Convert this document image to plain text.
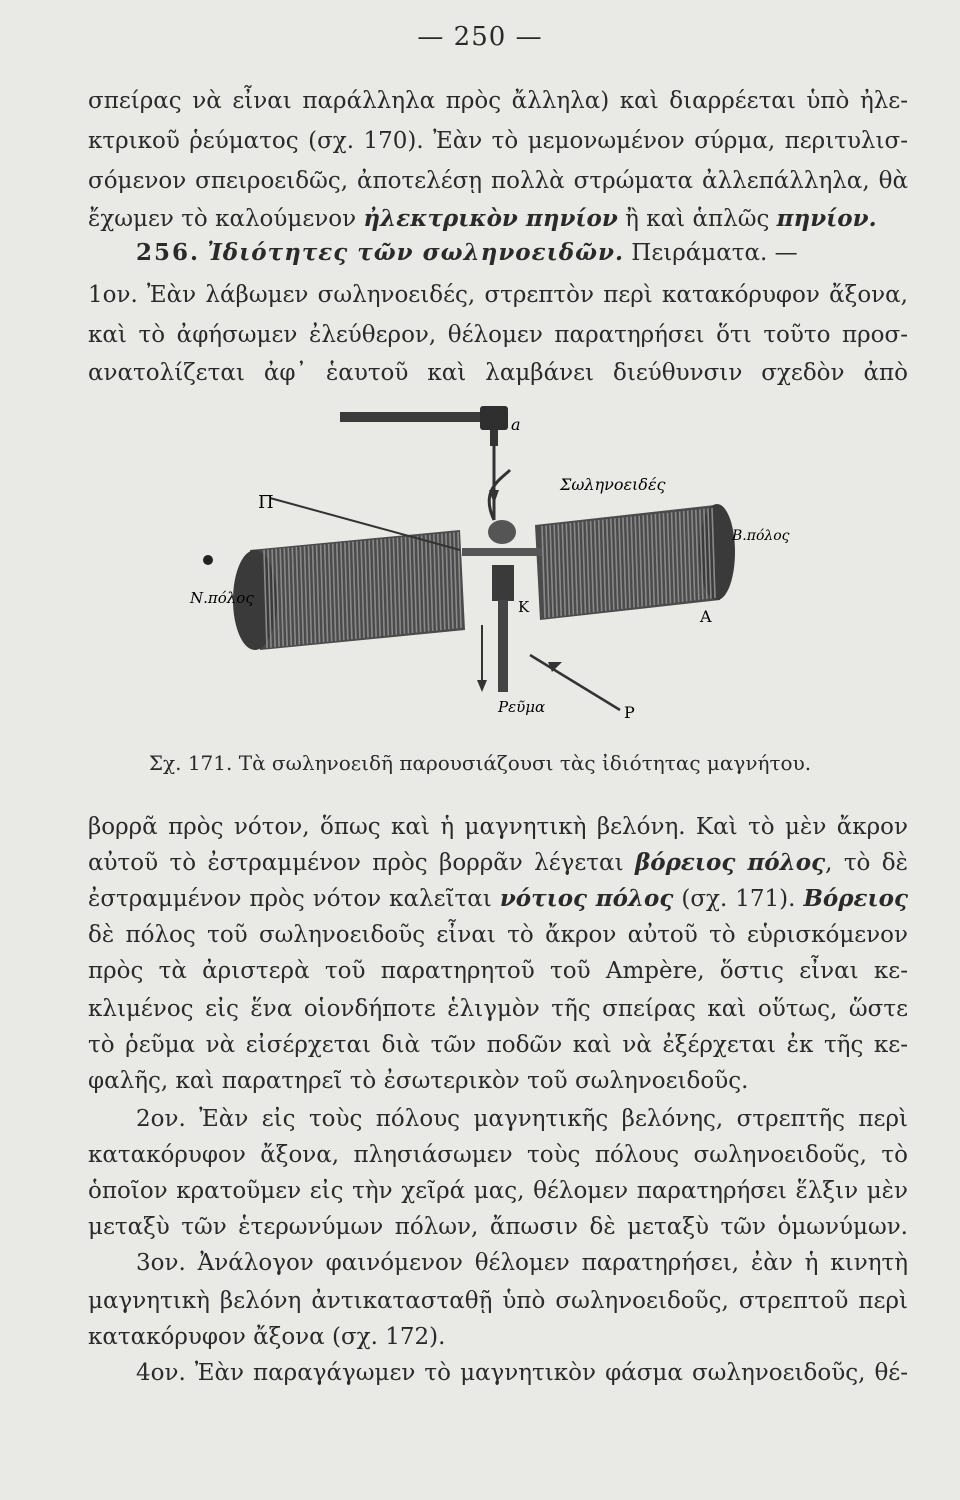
— 250 —
σπείρας νὰ εἶναι παράλληλα πρὸς ἄλληλα) καὶ διαρρέεται ὑπὸ ἠλε-
κτρικοῦ ῥεύματος (σχ. 170). Ἐὰν τὸ μεμονωμένον σύρμα, περιτυλισ-
σόμενον σπειροειδῶς, ἀποτελέσῃ πολλὰ στρώματα ἀλλεπάλληλα, θὰ
ἔχωμεν τὸ καλούμενον ἠλεκτρικὸν πηνίον ἢ καὶ ἁπλῶς πηνίον.
256. Ἰδιότητες τῶν σωληνοειδῶν. Πειράματα. —
1ον. Ἐὰν λάβωμεν σωληνοειδές, στρεπτὸν περὶ κατακόρυφον ἄξονα,
καὶ τὸ ἀφήσωμεν ἐλεύθερον, θέλομεν παρατηρήσει ὅτι τοῦτο προσ-
ανατολίζεται ἀφ᾽ ἑαυτοῦ καὶ λαμβάνει διεύθυνσιν σχεδὸν ἀπὸ
a
Π
Σωληνοειδές
Β.πόλος
Ν.πόλος	Κ	Α
Ρεῦμα	Ρ
Σχ. 171. Τὰ σωληνοειδῆ παρουσιάζουσι τὰς ἰδιότητας μαγνήτου.
βορρᾶ πρὸς νότον, ὅπως καὶ ἡ μαγνητικὴ βελόνη. Καὶ τὸ μὲν ἄκρον
αὐτοῦ τὸ ἐστραμμένον πρὸς βορρᾶν λέγεται βόρειος πόλος, τὸ δὲ
ἐστραμμένον πρὸς νότον καλεῖται νότιος πόλος (σχ. 171). Βόρειος
δὲ πόλος τοῦ σωληνοειδοῦς εἶναι τὸ ἄκρον αὐτοῦ τὸ εὑρισκόμενον
πρὸς τὰ ἀριστερὰ τοῦ παρατηρητοῦ τοῦ Ampère, ὅστις εἶναι κε-
κλιμένος εἰς ἕνα οἱονδήποτε ἑλιγμὸν τῆς σπείρας καὶ οὕτως, ὥστε
τὸ ῥεῦμα νὰ εἰσέρχεται διὰ τῶν ποδῶν καὶ νὰ ἐξέρχεται ἐκ τῆς κε-
φαλῆς, καὶ παρατηρεῖ τὸ ἐσωτερικὸν τοῦ σωληνοειδοῦς.
2ον. Ἐὰν εἰς τοὺς πόλους μαγνητικῆς βελόνης, στρεπτῆς περὶ
κατακόρυφον ἄξονα, πλησιάσωμεν τοὺς πόλους σωληνοειδοῦς, τὸ
ὁποῖον κρατοῦμεν εἰς τὴν χεῖρά μας, θέλομεν παρατηρήσει ἕλξιν μὲν
μεταξὺ τῶν ἑτερωνύμων πόλων, ἄπωσιν δὲ μεταξὺ τῶν ὁμωνύμων.
3ον. Ἀνάλογον φαινόμενον θέλομεν παρατηρήσει, ἐὰν ἡ κινητὴ
μαγνητικὴ βελόνη ἀντικατασταθῇ ὑπὸ σωληνοειδοῦς, στρεπτοῦ περὶ
κατακόρυφον ἄξονα (σχ. 172).
4ον. Ἐὰν παραγάγωμεν τὸ μαγνητικὸν φάσμα σωληνοειδοῦς, θέ-
